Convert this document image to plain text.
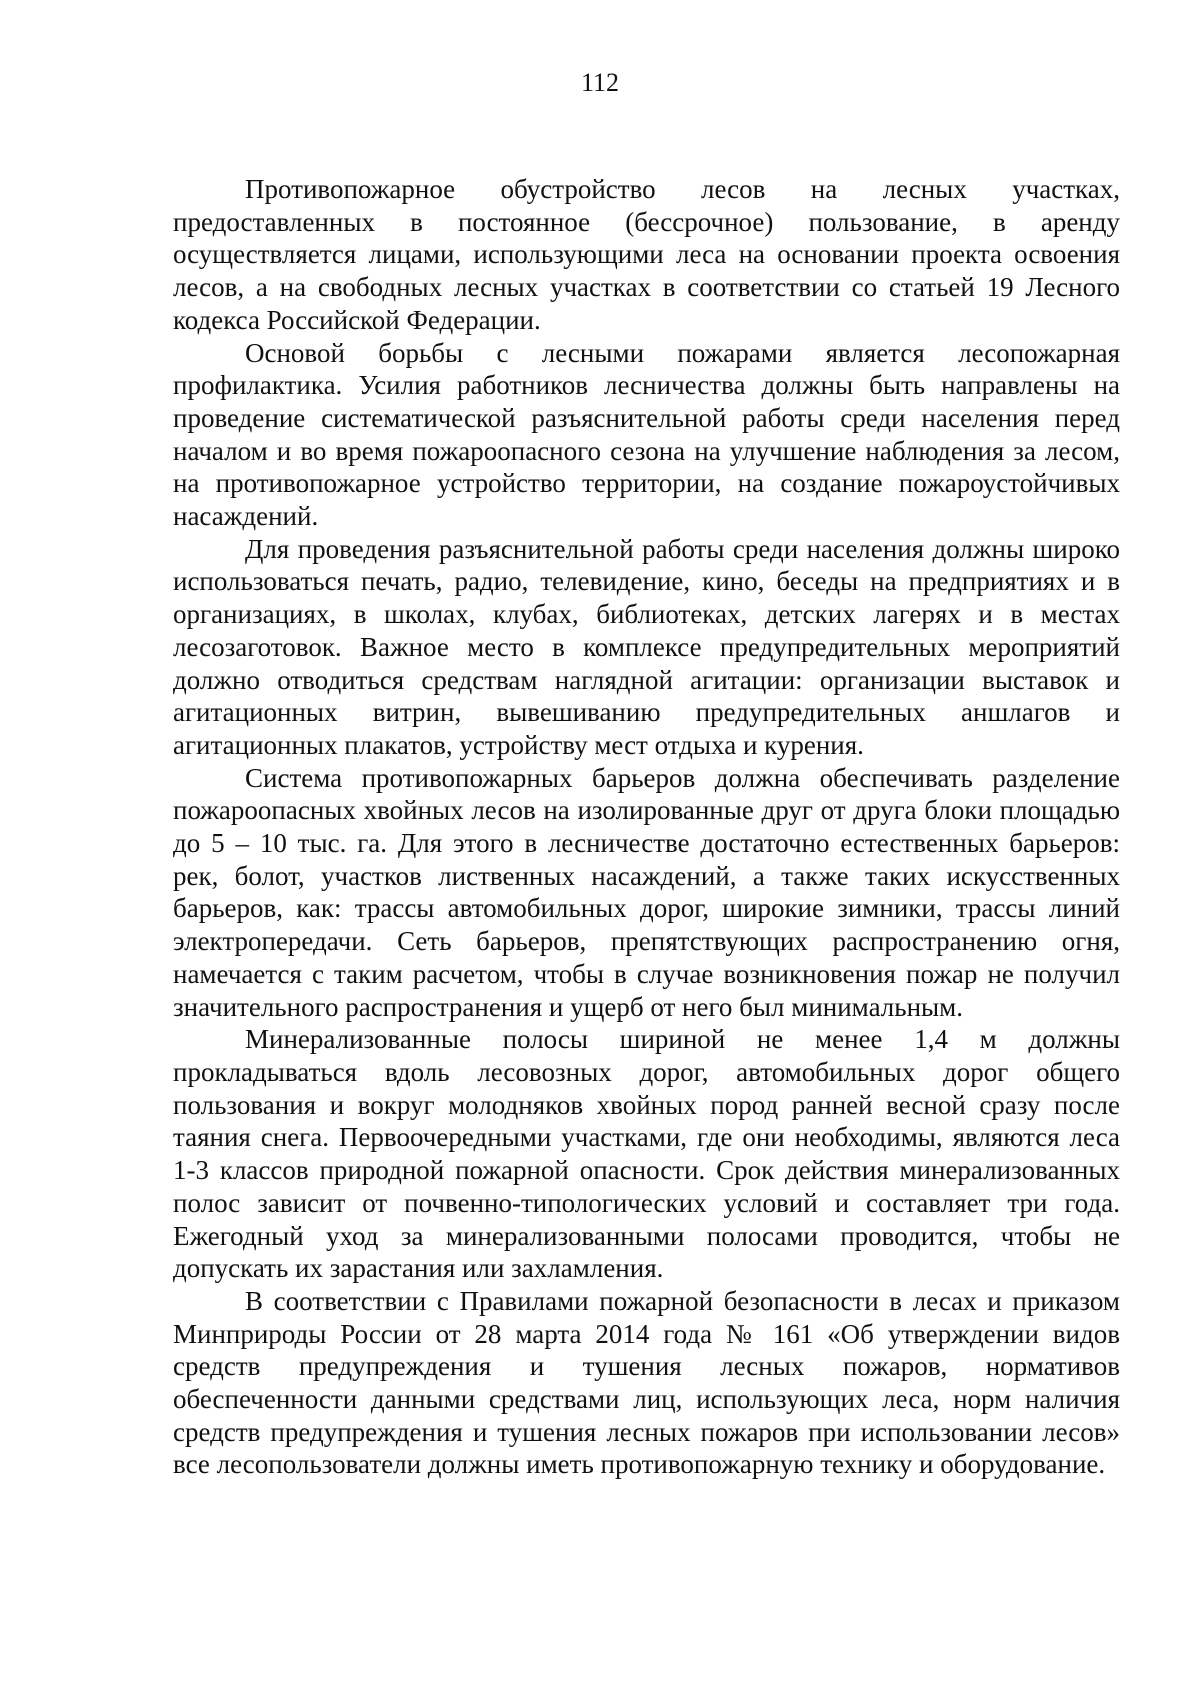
112

Противопожарное обустройство лесов на лесных участках, предоставленных в постоянное (бессрочное) пользование, в аренду осуществляется лицами, использующими леса на основании проекта освоения лесов, а на свободных лесных участках в соответствии со статьей 19 Лесного кодекса Российской Федерации.

Основой борьбы с лесными пожарами является лесопожарная профилактика. Усилия работников лесничества должны быть направлены на проведение систематической разъяснительной работы среди населения перед началом и во время пожароопасного сезона на улучшение наблюдения за лесом, на противопожарное устройство территории, на создание пожароустойчивых насаждений.

Для проведения разъяснительной работы среди населения должны широко использоваться печать, радио, телевидение, кино, беседы на предприятиях и в организациях, в школах, клубах, библиотеках, детских лагерях и в местах лесозаготовок. Важное место в комплексе предупредительных мероприятий должно отводиться средствам наглядной агитации: организации выставок и агитационных витрин, вывешиванию предупредительных аншлагов и агитационных плакатов, устройству мест отдыха и курения.

Система противопожарных барьеров должна обеспечивать разделение пожароопасных хвойных лесов на изолированные друг от друга блоки площадью до 5 – 10 тыс. га. Для этого в лесничестве достаточно естественных барьеров: рек, болот, участков лиственных насаждений, а также таких искусственных барьеров, как: трассы автомобильных дорог, широкие зимники, трассы линий электропередачи. Сеть барьеров, препятствующих распространению огня, намечается с таким расчетом, чтобы в случае возникновения пожар не получил значительного распространения и ущерб от него был минимальным.

Минерализованные полосы шириной не менее 1,4 м должны прокладываться вдоль лесовозных дорог, автомобильных дорог общего пользования и вокруг молодняков хвойных пород ранней весной сразу после таяния снега. Первоочередными участками, где они необходимы, являются леса 1-3 классов природной пожарной опасности. Срок действия минерализованных полос зависит от почвенно-типологических условий и составляет три года. Ежегодный уход за минерализованными полосами проводится, чтобы не допускать их зарастания или захламления.

В соответствии с Правилами пожарной безопасности в лесах и приказом Минприроды России от 28 марта 2014 года № 161 «Об утверждении видов средств предупреждения и тушения лесных пожаров, нормативов обеспеченности данными средствами лиц, использующих леса, норм наличия средств предупреждения и тушения лесных пожаров при использовании лесов» все лесопользователи должны иметь противопожарную технику и оборудование.
